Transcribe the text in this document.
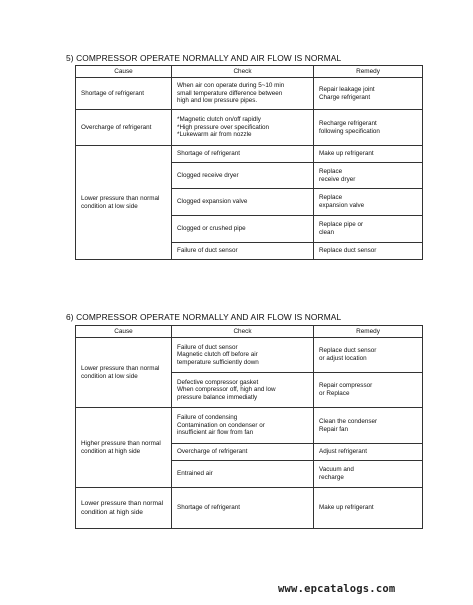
5) COMPRESSOR OPERATE NORMALLY AND AIR FLOW IS NORMAL
Cause	Check	Remedy
Shortage of refrigerant	When air con operate during 5~10 min
small temperature difference between
high and low pressure pipes.	Repair leakage joint
Charge refrigerant

Overcharge of refrigerant	*Magnetic clutch on/off rapidly
*High pressure over specification
*Lukewarm air from nozzle	Recharge refrigerant
following specification

Lower pressure than normal condition at low side	Shortage of refrigerant	Make up refrigerant
	Clogged receive dryer	Replace
receive dryer

	Clogged expansion valve	Replace
expansion valve

	Clogged or crushed pipe	Replace pipe or
clean

	Failure of duct sensor	Replace duct sensor
6) COMPRESSOR OPERATE NORMALLY AND AIR FLOW IS NORMAL
Cause	Check	Remedy
Lower pressure than normal condition at low side	Failure of duct sensor
Magnetic clutch off before air
temperature sufficiently down	Replace duct sensor
or adjust location

	Defective compressor gasket
When compressor off, high and low
pressure balance immediatly	Repair compressor
or Replace

Higher pressure than normal condition at high side	Failure of condensing
Contamination on condenser or
insufficient air flow from fan	Clean the condenser
Repair fan

	Overcharge of refrigerant	Adjust refrigerant
	Entrained air	Vacuum and
recharge

Lower pressure than normal condition at high side	Shortage of refrigerant	Make up refrigerant
www.epcatalogs.com
